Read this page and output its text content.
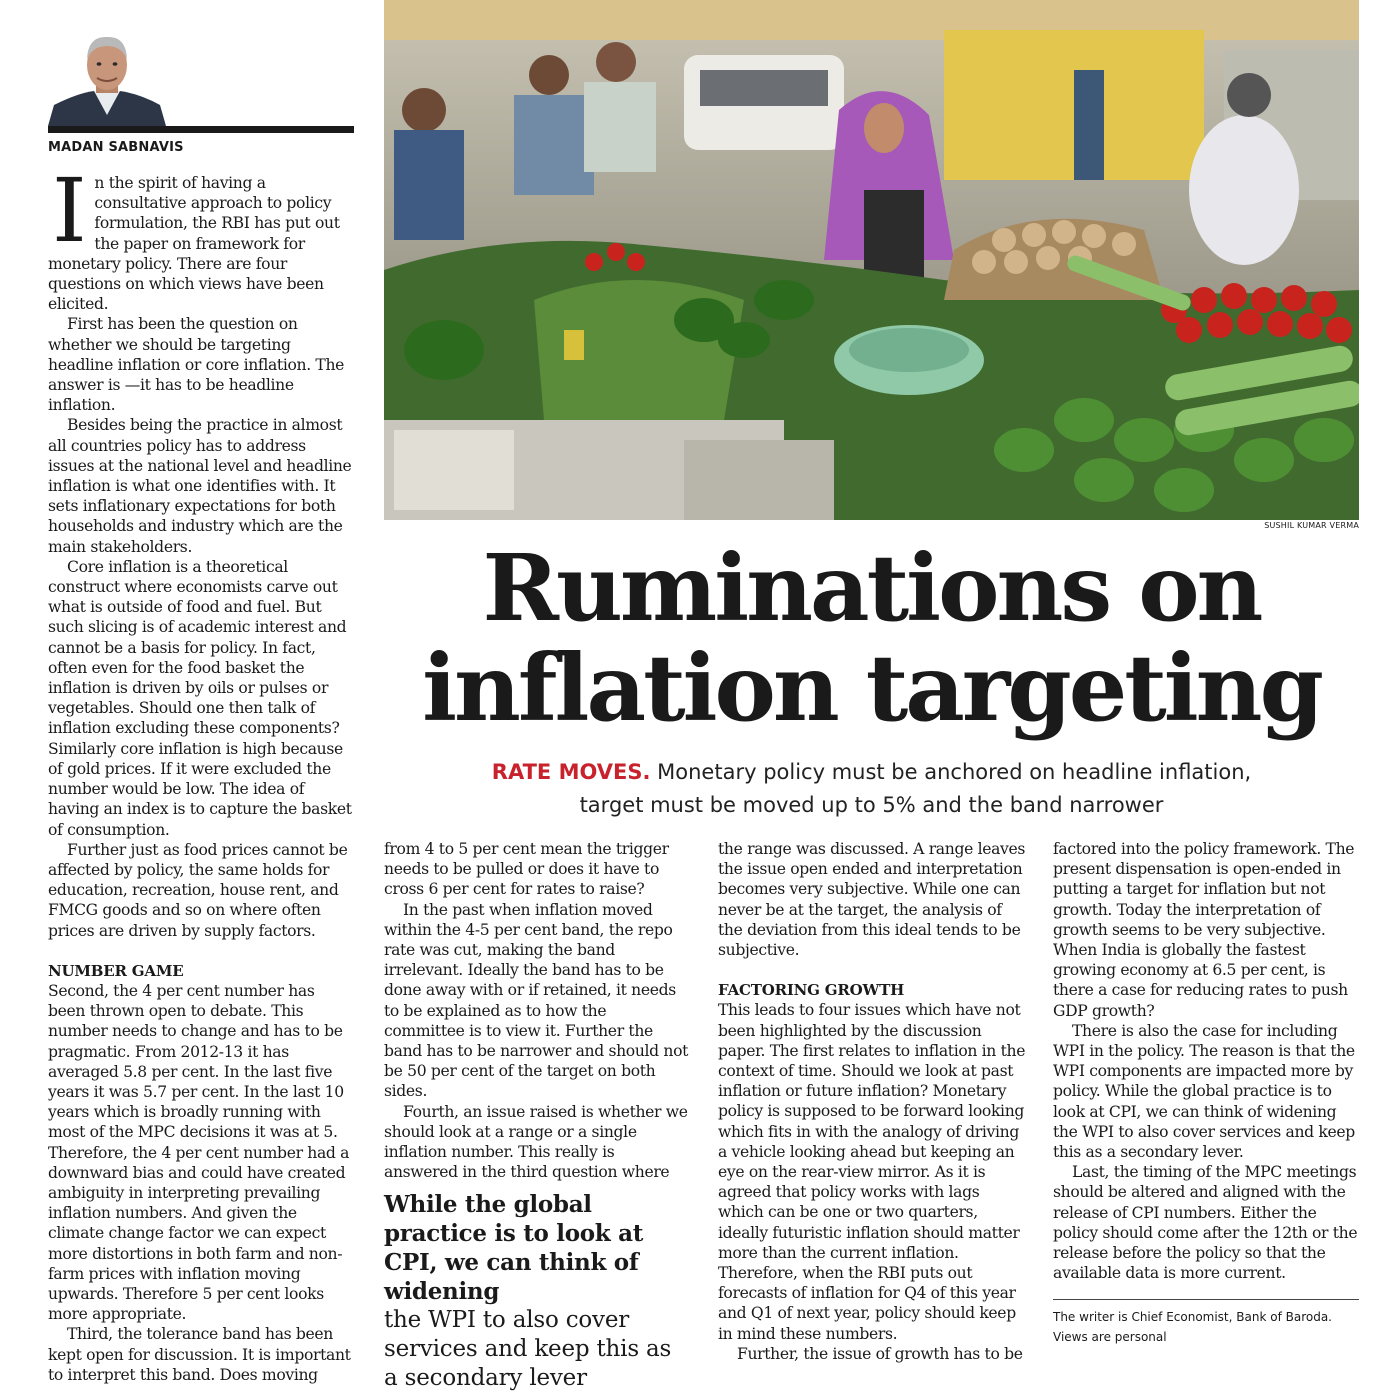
MADAN SABNAVIS
SUSHIL KUMAR VERMA
Ruminations on
inflation targeting
RATE MOVES. Monetary policy must be anchored on headline inflation,
target must be moved up to 5% and the band narrower

In the spirit of having a consultative approach to policy formulation, the RBI has put out the paper on framework for monetary policy. There are four questions on which views have been elicited.

First has been the question on whether we should be targeting headline inflation or core inflation. The answer is —it has to be headline inflation.

Besides being the practice in almost all countries policy has to address issues at the national level and headline inflation is what one identifies with. It sets inflationary expectations for both households and industry which are the main stakeholders.

Core inflation is a theoretical construct where economists carve out what is outside of food and fuel. But such slicing is of academic interest and cannot be a basis for policy. In fact, often even for the food basket the inflation is driven by oils or pulses or vegetables. Should one then talk of inflation excluding these components? Similarly core inflation is high because of gold prices. If it were excluded the number would be low. The idea of having an index is to capture the basket of consumption.

Further just as food prices cannot be affected by policy, the same holds for education, recreation, house rent, and FMCG goods and so on where often prices are driven by supply factors.

NUMBER GAME

Second, the 4 per cent number has been thrown open to debate. This number needs to change and has to be pragmatic. From 2012-13 it has averaged 5.8 per cent. In the last five years it was 5.7 per cent. In the last 10 years which is broadly running with most of the MPC decisions it was at 5. Therefore, the 4 per cent number had a downward bias and could have created ambiguity in interpreting prevailing inflation numbers. And given the climate change factor we can expect more distortions in both farm and non-farm prices with inflation moving upwards. Therefore 5 per cent looks more appropriate.

Third, the tolerance band has been kept open for discussion. It is important to interpret this band. Does moving

from 4 to 5 per cent mean the trigger needs to be pulled or does it have to cross 6 per cent for rates to raise?

In the past when inflation moved within the 4-5 per cent band, the repo rate was cut, making the band irrelevant. Ideally the band has to be done away with or if retained, it needs to be explained as to how the committee is to view it. Further the band has to be narrower and should not be 50 per cent of the target on both sides.

Fourth, an issue raised is whether we should look at a range or a single inflation number. This really is answered in the third question where

While the global practice is to look at CPI, we can think of widening
the WPI to also cover services and keep this as a secondary lever

the range was discussed. A range leaves the issue open ended and interpretation becomes very subjective. While one can never be at the target, the analysis of the deviation from this ideal tends to be subjective.

FACTORING GROWTH

This leads to four issues which have not been highlighted by the discussion paper. The first relates to inflation in the context of time. Should we look at past inflation or future inflation? Monetary policy is supposed to be forward looking which fits in with the analogy of driving a vehicle looking ahead but keeping an eye on the rear-view mirror. As it is agreed that policy works with lags which can be one or two quarters, ideally futuristic inflation should matter more than the current inflation. Therefore, when the RBI puts out forecasts of inflation for Q4 of this year and Q1 of next year, policy should keep in mind these numbers.

Further, the issue of growth has to be

factored into the policy framework. The present dispensation is open-ended in putting a target for inflation but not growth. Today the interpretation of growth seems to be very subjective. When India is globally the fastest growing economy at 6.5 per cent, is there a case for reducing rates to push GDP growth?

There is also the case for including WPI in the policy. The reason is that the WPI components are impacted more by policy. While the global practice is to look at CPI, we can think of widening the WPI to also cover services and keep this as a secondary lever.

Last, the timing of the MPC meetings should be altered and aligned with the release of CPI numbers. Either the policy should come after the 12th or the release before the policy so that the available data is more current.

The writer is Chief Economist, Bank of Baroda. Views are personal
